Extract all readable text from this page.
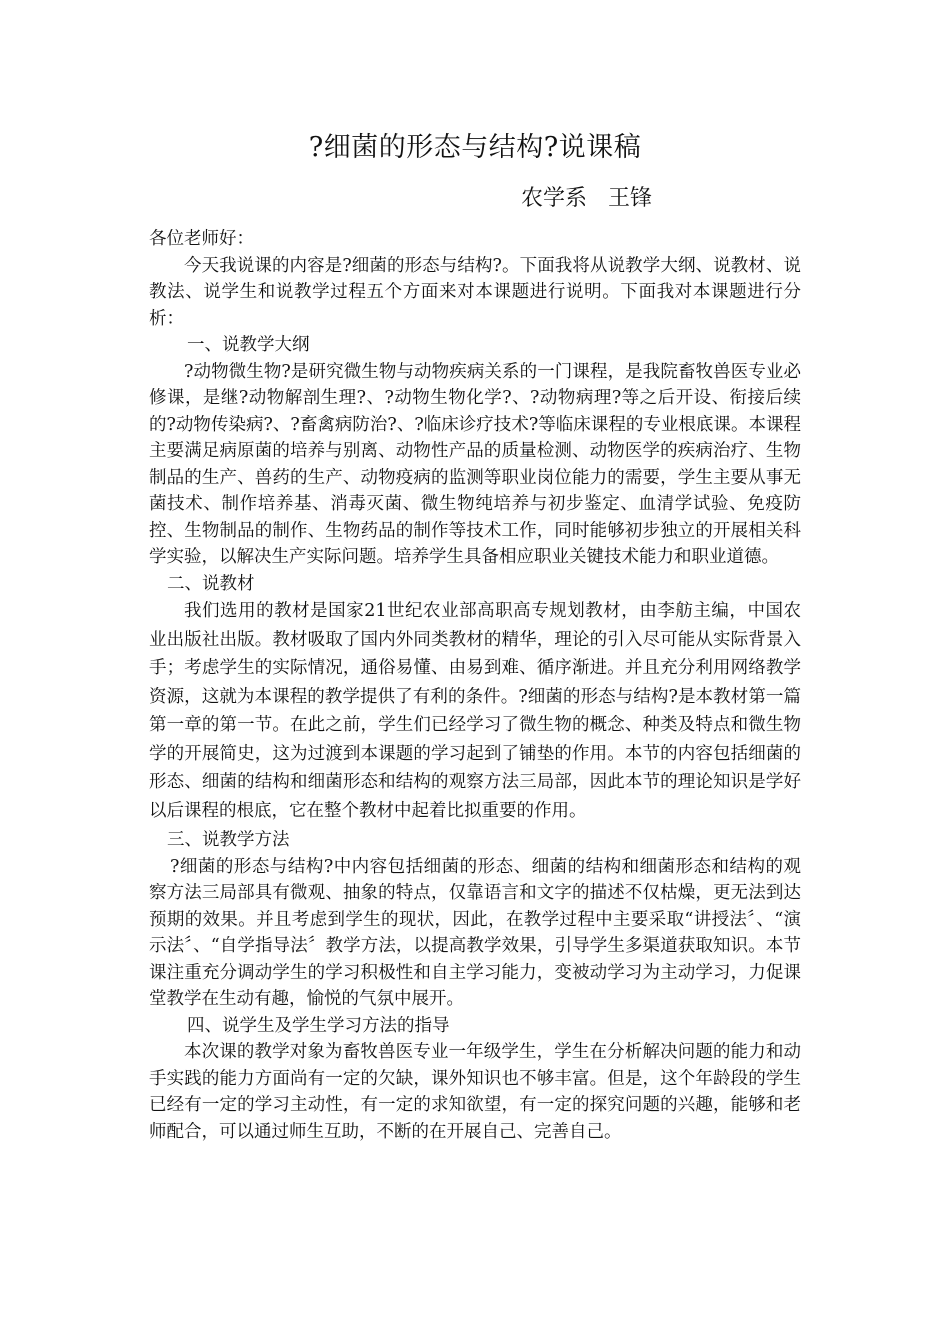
?细菌的形态与结构?说课稿
农学系   王锋

各位老师好：

今天我说课的内容是?细菌的形态与结构?。下面我将从说教学大纲、说教材、说教法、说学生和说教学过程五个方面来对本课题进行说明。下面我对本课题进行分析：

一、说教学大纲

?动物微生物?是研究微生物与动物疾病关系的一门课程，是我院畜牧兽医专业必修课，是继?动物解剖生理?、?动物生物化学?、?动物病理?等之后开设、衔接后续的?动物传染病?、?畜禽病防治?、?临床诊疗技术?等临床课程的专业根底课。本课程主要满足病原菌的培养与别离、动物性产品的质量检测、动物医学的疾病治疗、生物制品的生产、兽药的生产、动物疫病的监测等职业岗位能力的需要，学生主要从事无菌技术、制作培养基、消毒灭菌、微生物纯培养与初步鉴定、血清学试验、免疫防控、生物制品的制作、生物药品的制作等技术工作，同时能够初步独立的开展相关科学实验，以解决生产实际问题。培养学生具备相应职业关键技术能力和职业道德。

二、说教材

我们选用的教材是国家21世纪农业部高职高专规划教材，由李舫主编，中国农业出版社出版。教材吸取了国内外同类教材的精华，理论的引入尽可能从实际背景入手；考虑学生的实际情况，通俗易懂、由易到难、循序渐进。并且充分利用网络教学资源，这就为本课程的教学提供了有利的条件。?细菌的形态与结构?是本教材第一篇第一章的第一节。在此之前，学生们已经学习了微生物的概念、种类及特点和微生物学的开展简史，这为过渡到本课题的学习起到了铺垫的作用。本节的内容包括细菌的形态、细菌的结构和细菌形态和结构的观察方法三局部，因此本节的理论知识是学好以后课程的根底，它在整个教材中起着比拟重要的作用。

三、说教学方法

?细菌的形态与结构?中内容包括细菌的形态、细菌的结构和细菌形态和结构的观察方法三局部具有微观、抽象的特点，仅靠语言和文字的描述不仅枯燥，更无法到达预期的效果。并且考虑到学生的现状，因此，在教学过程中主要采取“讲授法〞、“演示法〞、“自学指导法〞教学方法，以提高教学效果，引导学生多渠道获取知识。本节课注重充分调动学生的学习积极性和自主学习能力，变被动学习为主动学习，力促课堂教学在生动有趣，愉悦的气氛中展开。

四、说学生及学生学习方法的指导

本次课的教学对象为畜牧兽医专业一年级学生，学生在分析解决问题的能力和动手实践的能力方面尚有一定的欠缺，课外知识也不够丰富。但是，这个年龄段的学生已经有一定的学习主动性，有一定的求知欲望，有一定的探究问题的兴趣，能够和老师配合，可以通过师生互助，不断的在开展自己、完善自己。
